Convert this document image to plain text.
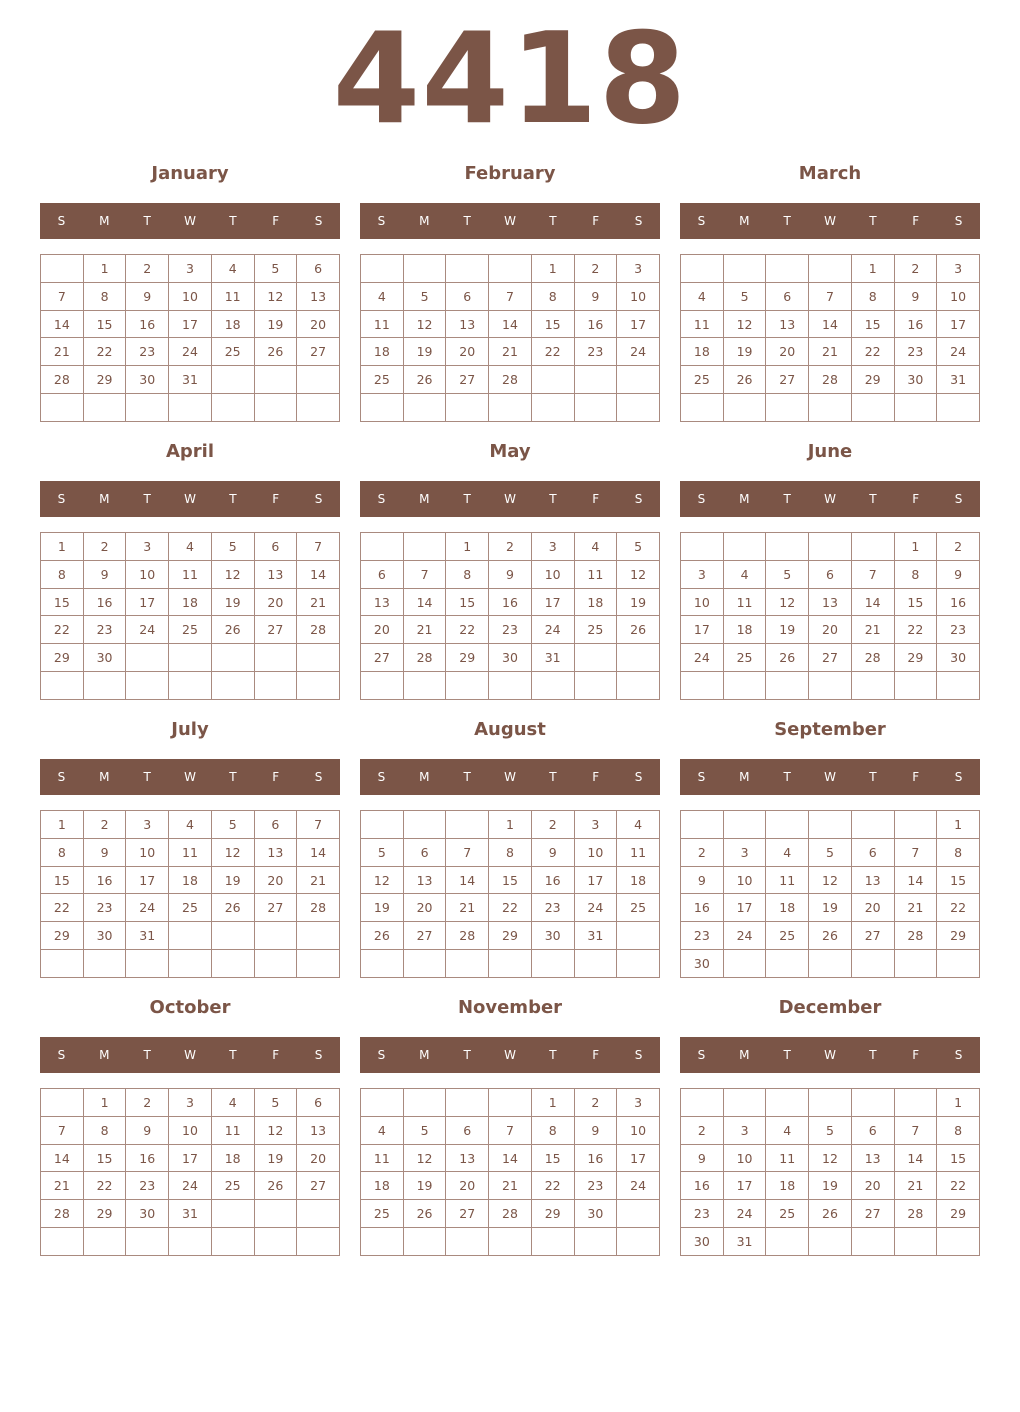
4418
January
S	M	T	W	T	F	S
	1	2	3	4	5	6
7	8	9	10	11	12	13
14	15	16	17	18	19	20
21	22	23	24	25	26	27
28	29	30	31			

February
S	M	T	W	T	F	S
				1	2	3
4	5	6	7	8	9	10
11	12	13	14	15	16	17
18	19	20	21	22	23	24
25	26	27	28			

March
S	M	T	W	T	F	S
				1	2	3
4	5	6	7	8	9	10
11	12	13	14	15	16	17
18	19	20	21	22	23	24
25	26	27	28	29	30	31

April
S	M	T	W	T	F	S
1	2	3	4	5	6	7
8	9	10	11	12	13	14
15	16	17	18	19	20	21
22	23	24	25	26	27	28
29	30					

May
S	M	T	W	T	F	S
		1	2	3	4	5
6	7	8	9	10	11	12
13	14	15	16	17	18	19
20	21	22	23	24	25	26
27	28	29	30	31		

June
S	M	T	W	T	F	S
					1	2
3	4	5	6	7	8	9
10	11	12	13	14	15	16
17	18	19	20	21	22	23
24	25	26	27	28	29	30

July
S	M	T	W	T	F	S
1	2	3	4	5	6	7
8	9	10	11	12	13	14
15	16	17	18	19	20	21
22	23	24	25	26	27	28
29	30	31				

August
S	M	T	W	T	F	S
			1	2	3	4
5	6	7	8	9	10	11
12	13	14	15	16	17	18
19	20	21	22	23	24	25
26	27	28	29	30	31	

September
S	M	T	W	T	F	S
						1
2	3	4	5	6	7	8
9	10	11	12	13	14	15
16	17	18	19	20	21	22
23	24	25	26	27	28	29
30						
October
S	M	T	W	T	F	S
	1	2	3	4	5	6
7	8	9	10	11	12	13
14	15	16	17	18	19	20
21	22	23	24	25	26	27
28	29	30	31			

November
S	M	T	W	T	F	S
				1	2	3
4	5	6	7	8	9	10
11	12	13	14	15	16	17
18	19	20	21	22	23	24
25	26	27	28	29	30	

December
S	M	T	W	T	F	S
						1
2	3	4	5	6	7	8
9	10	11	12	13	14	15
16	17	18	19	20	21	22
23	24	25	26	27	28	29
30	31					
